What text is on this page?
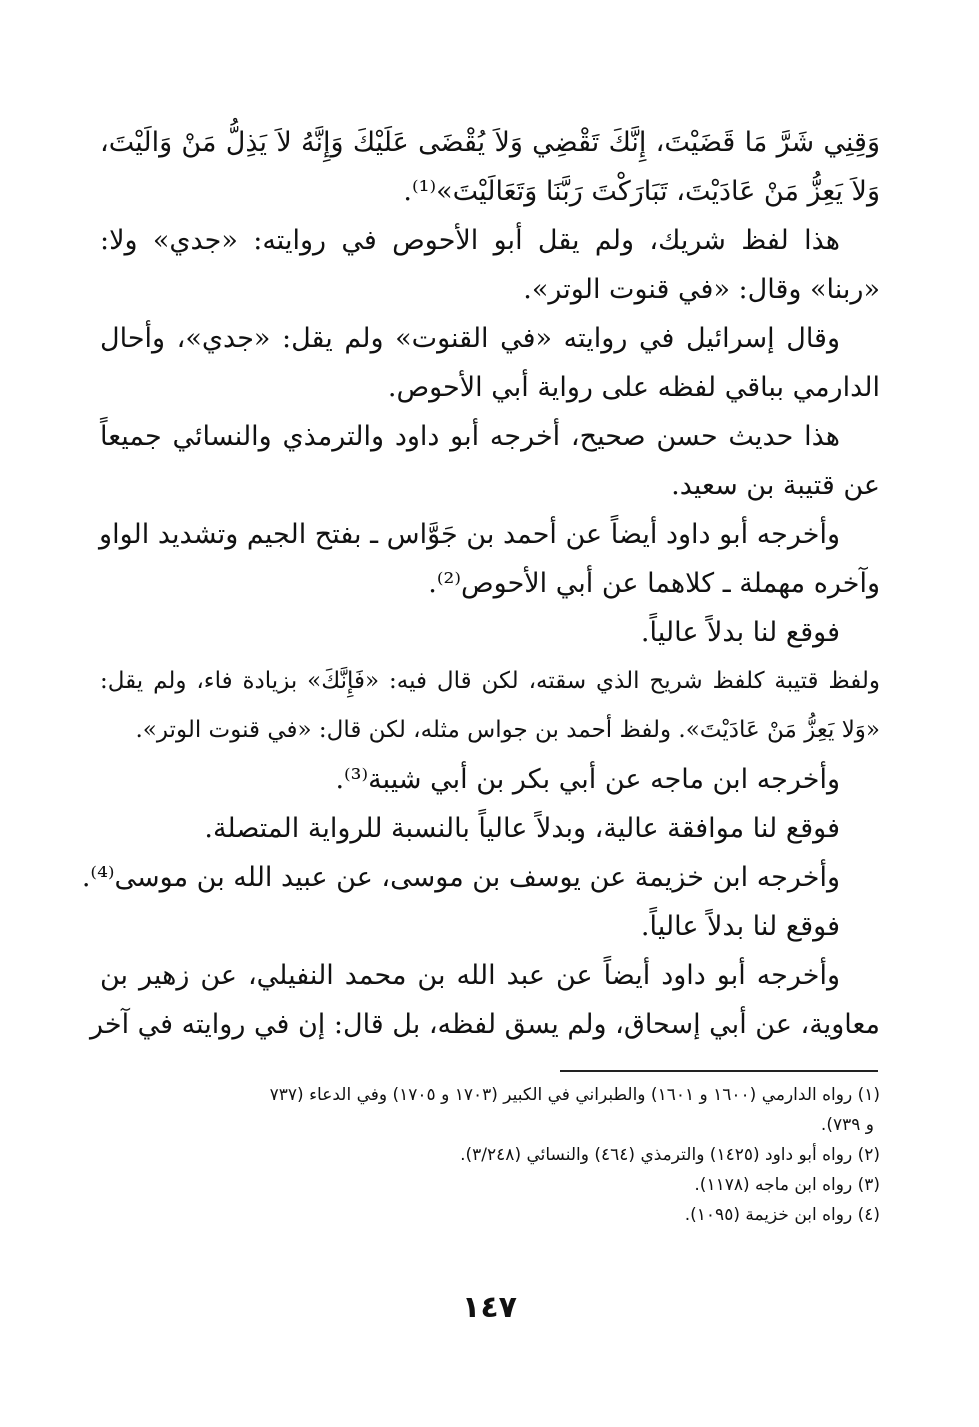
وَقِنِي شَرَّ مَا قَضَيْتَ، إِنَّكَ تَقْضِي وَلاَ يُقْضَى عَلَيْكَ وَإِنَّهُ لاَ يَذِلُّ مَنْ وَالَيْتَ،
وَلاَ يَعِزُّ مَنْ عَادَيْتَ، تَبَارَكْتَ رَبَّنَا وَتَعَالَيْتَ»⁽¹⁾.
هذا لفظ شريك، ولم يقل أبو الأحوص في روايته: «جدي» ولا:
«ربنا» وقال: «في قنوت الوتر».
وقال إسرائيل في روايته «في القنوت» ولم يقل: «جدي»، وأحال
الدارمي بباقي لفظه على رواية أبي الأحوص.
هذا حديث حسن صحيح، أخرجه أبو داود والترمذي والنسائي جميعاً
عن قتيبة بن سعيد.
وأخرجه أبو داود أيضاً عن أحمد بن جَوَّاس ـ بفتح الجيم وتشديد الواو
وآخره مهملة ـ كلاهما عن أبي الأحوص⁽²⁾.
فوقع لنا بدلاً عالياً.
ولفظ قتيبة كلفظ شريح الذي سقته، لكن قال فيه: «فَإِنَّكَ» بزيادة فاء، ولم يقل:
«وَلا يَعِزُّ مَنْ عَادَيْتَ». ولفظ أحمد بن جواس مثله، لكن قال: «في قنوت الوتر».
وأخرجه ابن ماجه عن أبي بكر بن أبي شيبة⁽³⁾.
فوقع لنا موافقة عالية، وبدلاً عالياً بالنسبة للرواية المتصلة.
وأخرجه ابن خزيمة عن يوسف بن موسى، عن عبيد الله بن موسى⁽⁴⁾.
فوقع لنا بدلاً عالياً.
وأخرجه أبو داود أيضاً عن عبد الله بن محمد النفيلي، عن زهير بن
معاوية، عن أبي إسحاق، ولم يسق لفظه، بل قال: إن في روايته في آخر
(١) رواه الدارمي (١٦٠٠ و ١٦٠١) والطبراني في الكبير (١٧٠٣ و ١٧٠٥) وفي الدعاء (٧٣٧
و ٧٣٩).
(٢) رواه أبو داود (١٤٢٥) والترمذي (٤٦٤) والنسائي (٣/٢٤٨).
(٣) رواه ابن ماجه (١١٧٨).
(٤) رواه ابن خزيمة (١٠٩٥).
١٤٧
